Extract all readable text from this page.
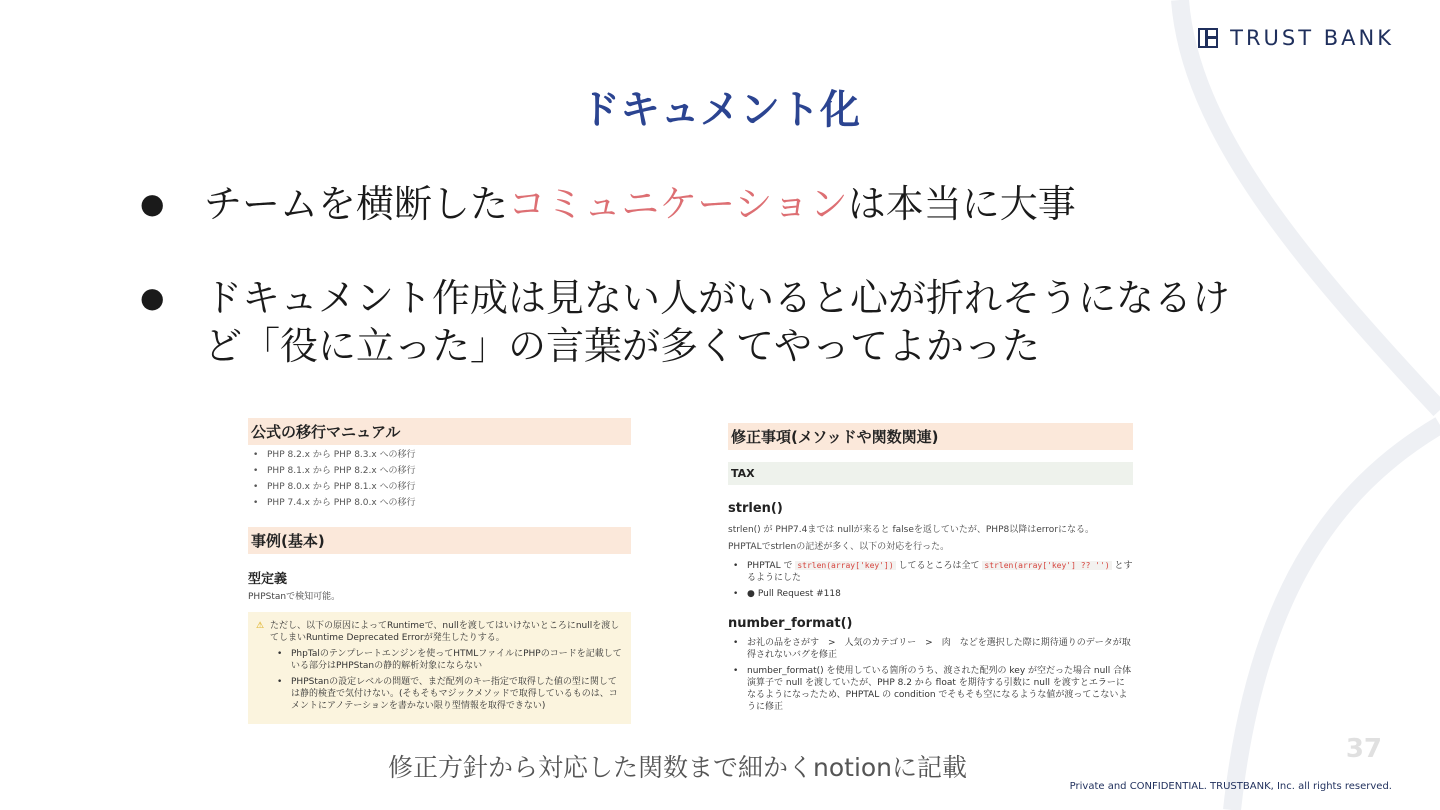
TRUST BANK
ドキュメント化
●	チームを横断したコミュニケーションは本当に大事
●	ドキュメント作成は見ない人がいると心が折れそうになるけ
ど「役に立った」の言葉が多くてやってよかった
公式の移行マニュアル
• PHP 8.2.x から PHP 8.3.x への移行
• PHP 8.1.x から PHP 8.2.x への移行
• PHP 8.0.x から PHP 8.1.x への移行
• PHP 7.4.x から PHP 8.0.x への移行
事例(基本)
型定義
PHPStanで検知可能。
⚠ ただし、以下の原因によってRuntimeで、nullを渡してはいけないところにnullを渡してしまいRuntime Deprecated Errorが発生したりする。
• PhpTalのテンプレートエンジンを使ってHTMLファイルにPHPのコードを記載している部分はPHPStanの静的解析対象にならない
• PHPStanの設定レベルの問題で、まだ配列のキー指定で取得した値の型に関しては静的検査で気付けない。(そもそもマジックメソッドで取得しているものは、コメントにアノテーションを書かない限り型情報を取得できない)
修正事項(メソッドや関数関連)
TAX
strlen()
strlen() が PHP7.4までは nullが来ると falseを返していたが、PHP8以降はerrorになる。
PHPTALでstrlenの記述が多く、以下の対応を行った。
• PHPTAL で strlen(array['key']) してるところは全て strlen(array['key'] ?? '') とするようにした
• ● Pull Request #118
number_format()
• お礼の品をさがす　>　人気のカテゴリー　>　肉　などを選択した際に期待通りのデータが取得されないバグを修正
• number_format() を使用している箇所のうち、渡された配列の key が空だった場合 null 合体演算子で null を渡していたが、PHP 8.2 から float を期待する引数に null を渡すとエラーになるようになったため、PHPTAL の condition でそもそも空になるような値が渡ってこないように修正
修正方針から対応した関数まで細かくnotionに記載
37
Private and CONFIDENTIAL. TRUSTBANK, Inc. all rights reserved.
